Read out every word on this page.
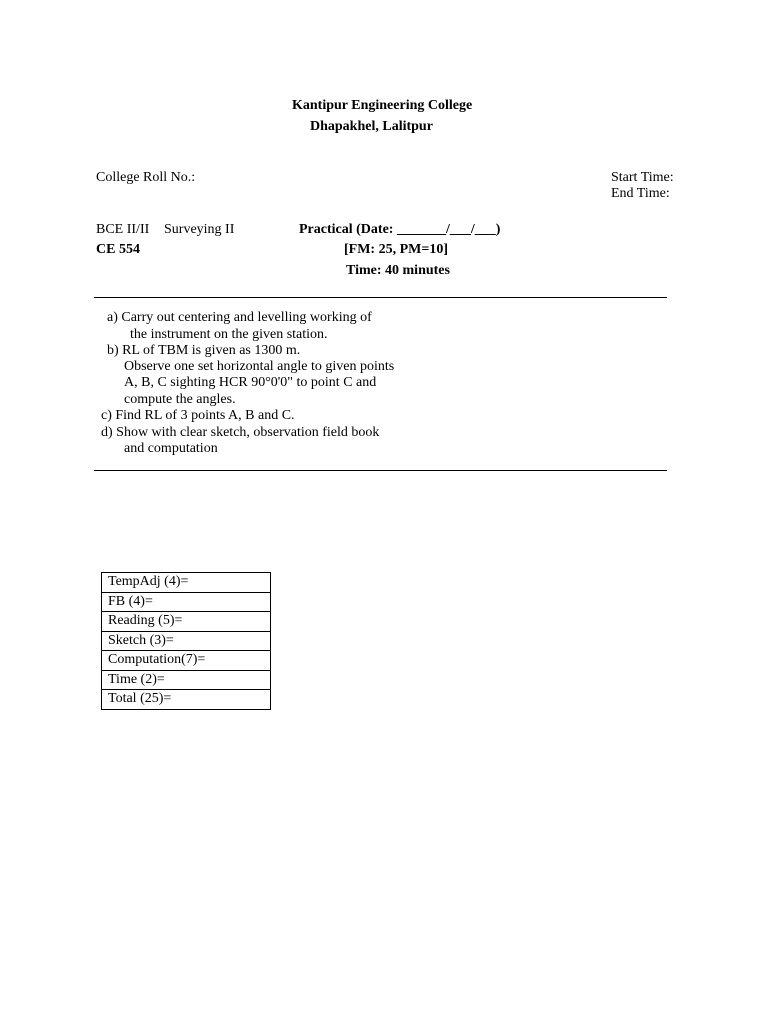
Kantipur Engineering College
Dhapakhel, Lalitpur
College Roll No.:	Start Time:
End Time:
BCE II/II Surveying II
CE 554
Practical (Date: _______/___/___)
[FM: 25, PM=10]
Time: 40 minutes
a) Carry out centering and levelling working of
the instrument on the given station.
b) RL of TBM is given as 1300 m.
Observe one set horizontal angle to given points
A, B, C sighting HCR 90°0'0" to point C and
compute the angles.
c) Find RL of 3 points A, B and C.
d) Show with clear sketch, observation field book
and computation
TempAdj (4)=
FB (4)=
Reading (5)=
Sketch (3)=
Computation(7)=
Time (2)=
Total (25)=
